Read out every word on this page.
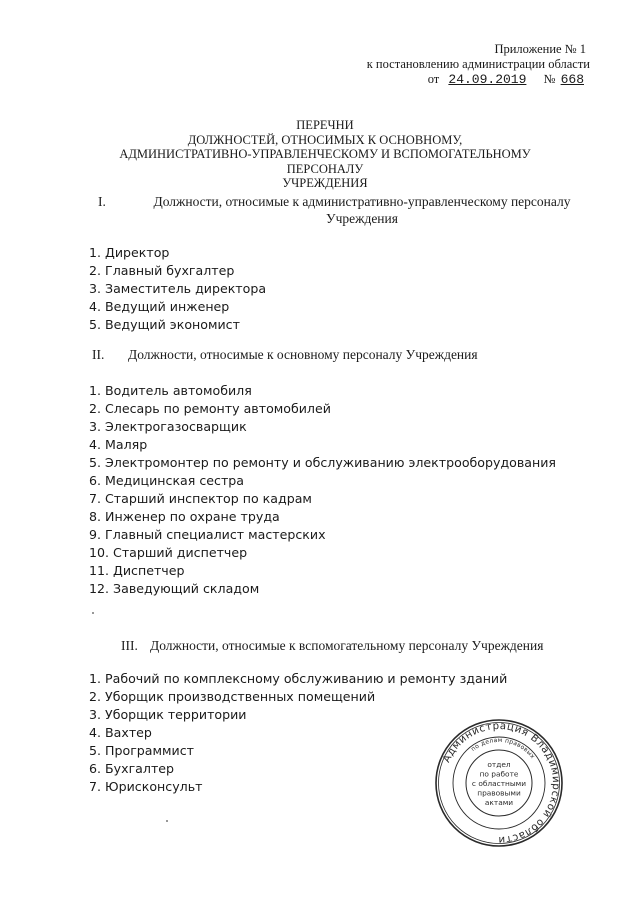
Приложение № 1
к постановлению администрации области
от 24.09.2019 № 668
ПЕРЕЧНИ
ДОЛЖНОСТЕЙ, ОТНОСИМЫХ К ОСНОВНОМУ,
АДМИНИСТРАТИВНО-УПРАВЛЕНЧЕСКОМУ И ВСПОМОГАТЕЛЬНОМУ ПЕРСОНАЛУ
УЧРЕЖДЕНИЯ
I.	Должности, относимые к административно-управленческому персоналу
Учреждения
1. Директор
2. Главный бухгалтер
3. Заместитель директора
4. Ведущий инженер
5. Ведущий экономист
II.	Должности, относимые к основному персоналу Учреждения
1. Водитель автомобиля
2. Слесарь по ремонту автомобилей
3. Электрогазосварщик
4. Маляр
5. Электромонтер по ремонту и обслуживанию электрооборудования
6. Медицинская сестра
7. Старший инспектор по кадрам
8. Инженер по охране труда
9. Главный специалист мастерских
10. Старший диспетчер
11. Диспетчер
12. Заведующий складом
III. Должности, относимые к вспомогательному персоналу Учреждения
1. Рабочий по комплексному обслуживанию и ремонту зданий
2. Уборщик производственных помещений
3. Уборщик территории
4. Вахтер
5. Программист
6. Бухгалтер
7. Юрисконсульт
Администрация Владимирской области
по делам правовых
отдел
по работе
с областными
правовыми
актами
